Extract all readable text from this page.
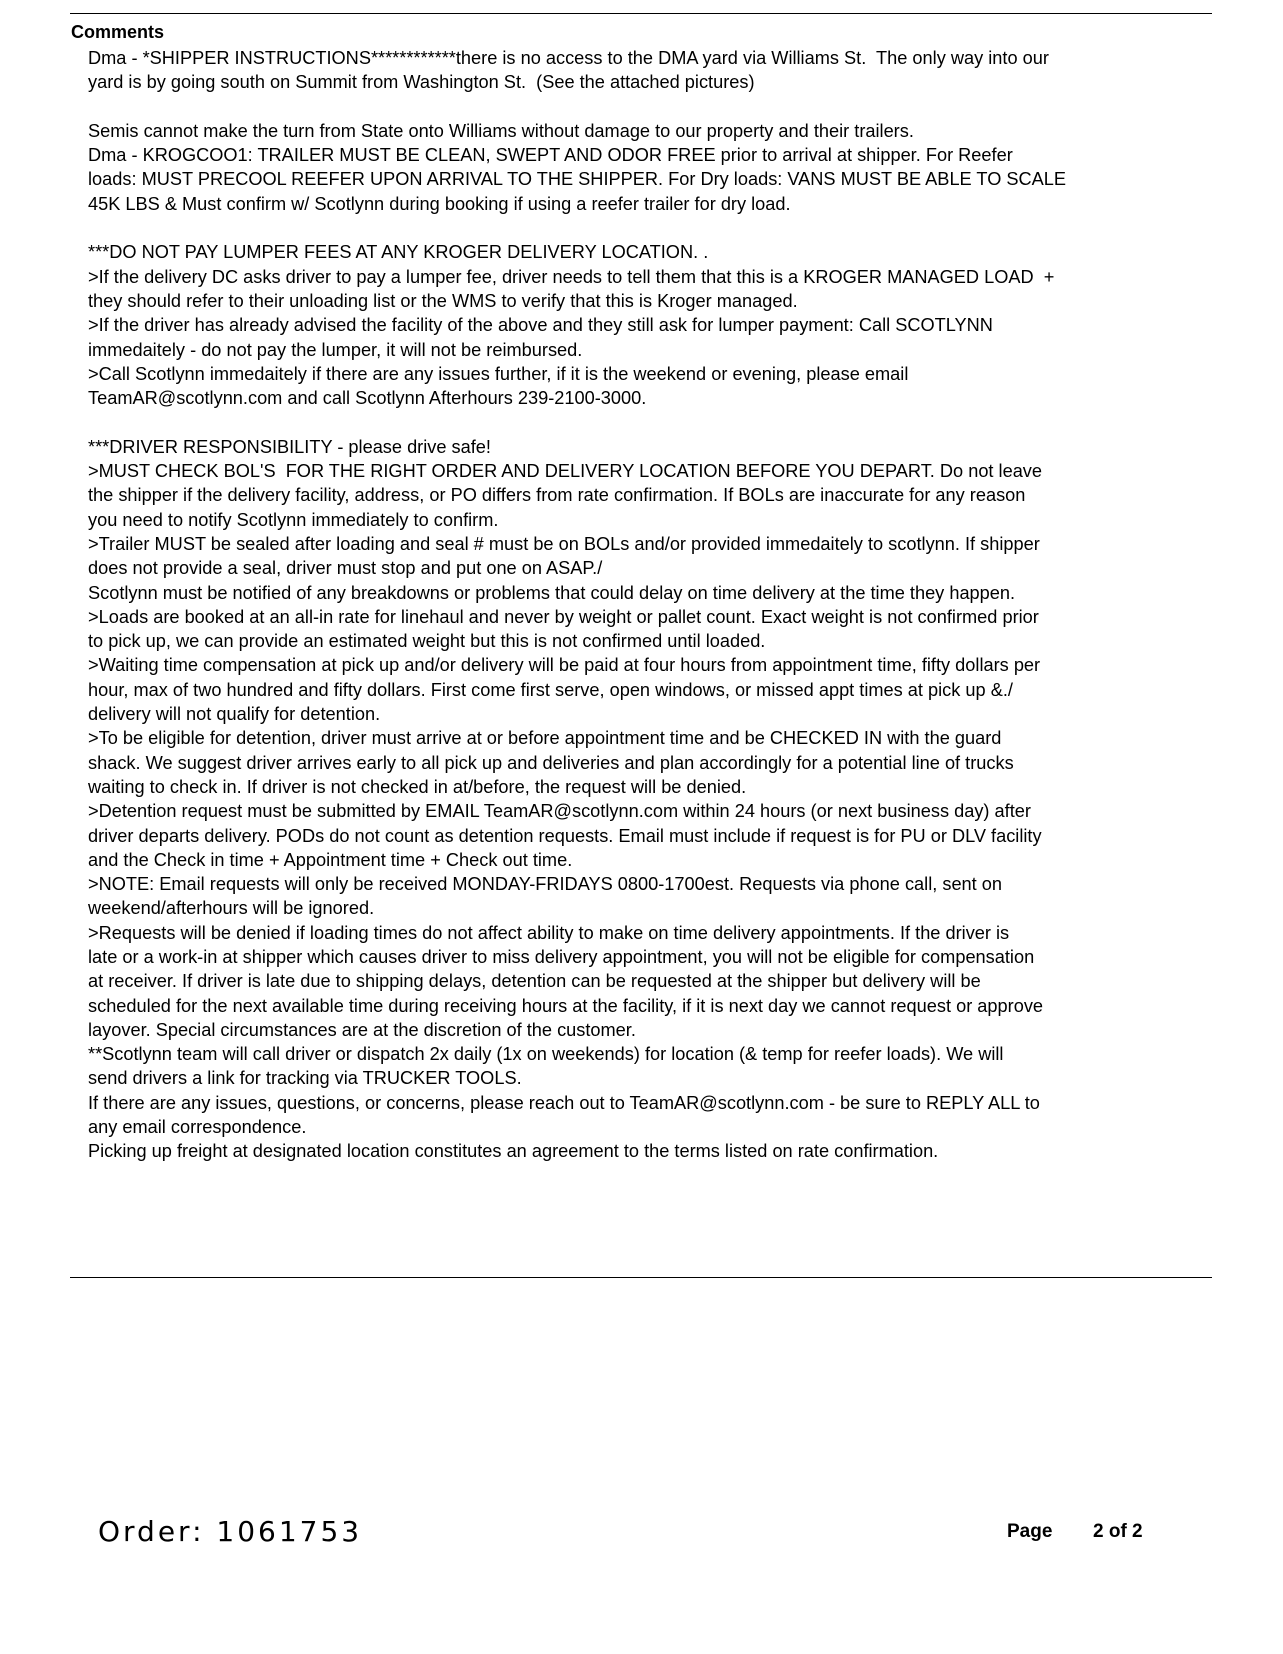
Comments
Dma - *SHIPPER INSTRUCTIONS************there is no access to the DMA yard via Williams St.  The only way into our
yard is by going south on Summit from Washington St.  (See the attached pictures)
Semis cannot make the turn from State onto Williams without damage to our property and their trailers.
Dma - KROGCOO1: TRAILER MUST BE CLEAN, SWEPT AND ODOR FREE prior to arrival at shipper. For Reefer
loads: MUST PRECOOL REEFER UPON ARRIVAL TO THE SHIPPER. For Dry loads: VANS MUST BE ABLE TO SCALE
45K LBS & Must confirm w/ Scotlynn during booking if using a reefer trailer for dry load.
***DO NOT PAY LUMPER FEES AT ANY KROGER DELIVERY LOCATION. .
>If the delivery DC asks driver to pay a lumper fee, driver needs to tell them that this is a KROGER MANAGED LOAD  +
they should refer to their unloading list or the WMS to verify that this is Kroger managed.
>If the driver has already advised the facility of the above and they still ask for lumper payment: Call SCOTLYNN
immedaitely - do not pay the lumper, it will not be reimbursed.
>Call Scotlynn immedaitely if there are any issues further, if it is the weekend or evening, please email
TeamAR@scotlynn.com and call Scotlynn Afterhours 239-2100-3000.
***DRIVER RESPONSIBILITY - please drive safe!
>MUST CHECK BOL'S  FOR THE RIGHT ORDER AND DELIVERY LOCATION BEFORE YOU DEPART. Do not leave
the shipper if the delivery facility, address, or PO differs from rate confirmation. If BOLs are inaccurate for any reason
you need to notify Scotlynn immediately to confirm.
>Trailer MUST be sealed after loading and seal # must be on BOLs and/or provided immedaitely to scotlynn. If shipper
does not provide a seal, driver must stop and put one on ASAP./
Scotlynn must be notified of any breakdowns or problems that could delay on time delivery at the time they happen.
>Loads are booked at an all-in rate for linehaul and never by weight or pallet count. Exact weight is not confirmed prior
to pick up, we can provide an estimated weight but this is not confirmed until loaded.
>Waiting time compensation at pick up and/or delivery will be paid at four hours from appointment time, fifty dollars per
hour, max of two hundred and fifty dollars. First come first serve, open windows, or missed appt times at pick up &./
delivery will not qualify for detention.
>To be eligible for detention, driver must arrive at or before appointment time and be CHECKED IN with the guard
shack. We suggest driver arrives early to all pick up and deliveries and plan accordingly for a potential line of trucks
waiting to check in. If driver is not checked in at/before, the request will be denied.
>Detention request must be submitted by EMAIL TeamAR@scotlynn.com within 24 hours (or next business day) after
driver departs delivery. PODs do not count as detention requests. Email must include if request is for PU or DLV facility
and the Check in time + Appointment time + Check out time.
>NOTE: Email requests will only be received MONDAY-FRIDAYS 0800-1700est. Requests via phone call, sent on
weekend/afterhours will be ignored.
>Requests will be denied if loading times do not affect ability to make on time delivery appointments. If the driver is
late or a work-in at shipper which causes driver to miss delivery appointment, you will not be eligible for compensation
at receiver. If driver is late due to shipping delays, detention can be requested at the shipper but delivery will be
scheduled for the next available time during receiving hours at the facility, if it is next day we cannot request or approve
layover. Special circumstances are at the discretion of the customer.
**Scotlynn team will call driver or dispatch 2x daily (1x on weekends) for location (& temp for reefer loads). We will
send drivers a link for tracking via TRUCKER TOOLS.
If there are any issues, questions, or concerns, please reach out to TeamAR@scotlynn.com - be sure to REPLY ALL to
any email correspondence.
Picking up freight at designated location constitutes an agreement to the terms listed on rate confirmation.
Order: 1061753	Page 2 of 2
